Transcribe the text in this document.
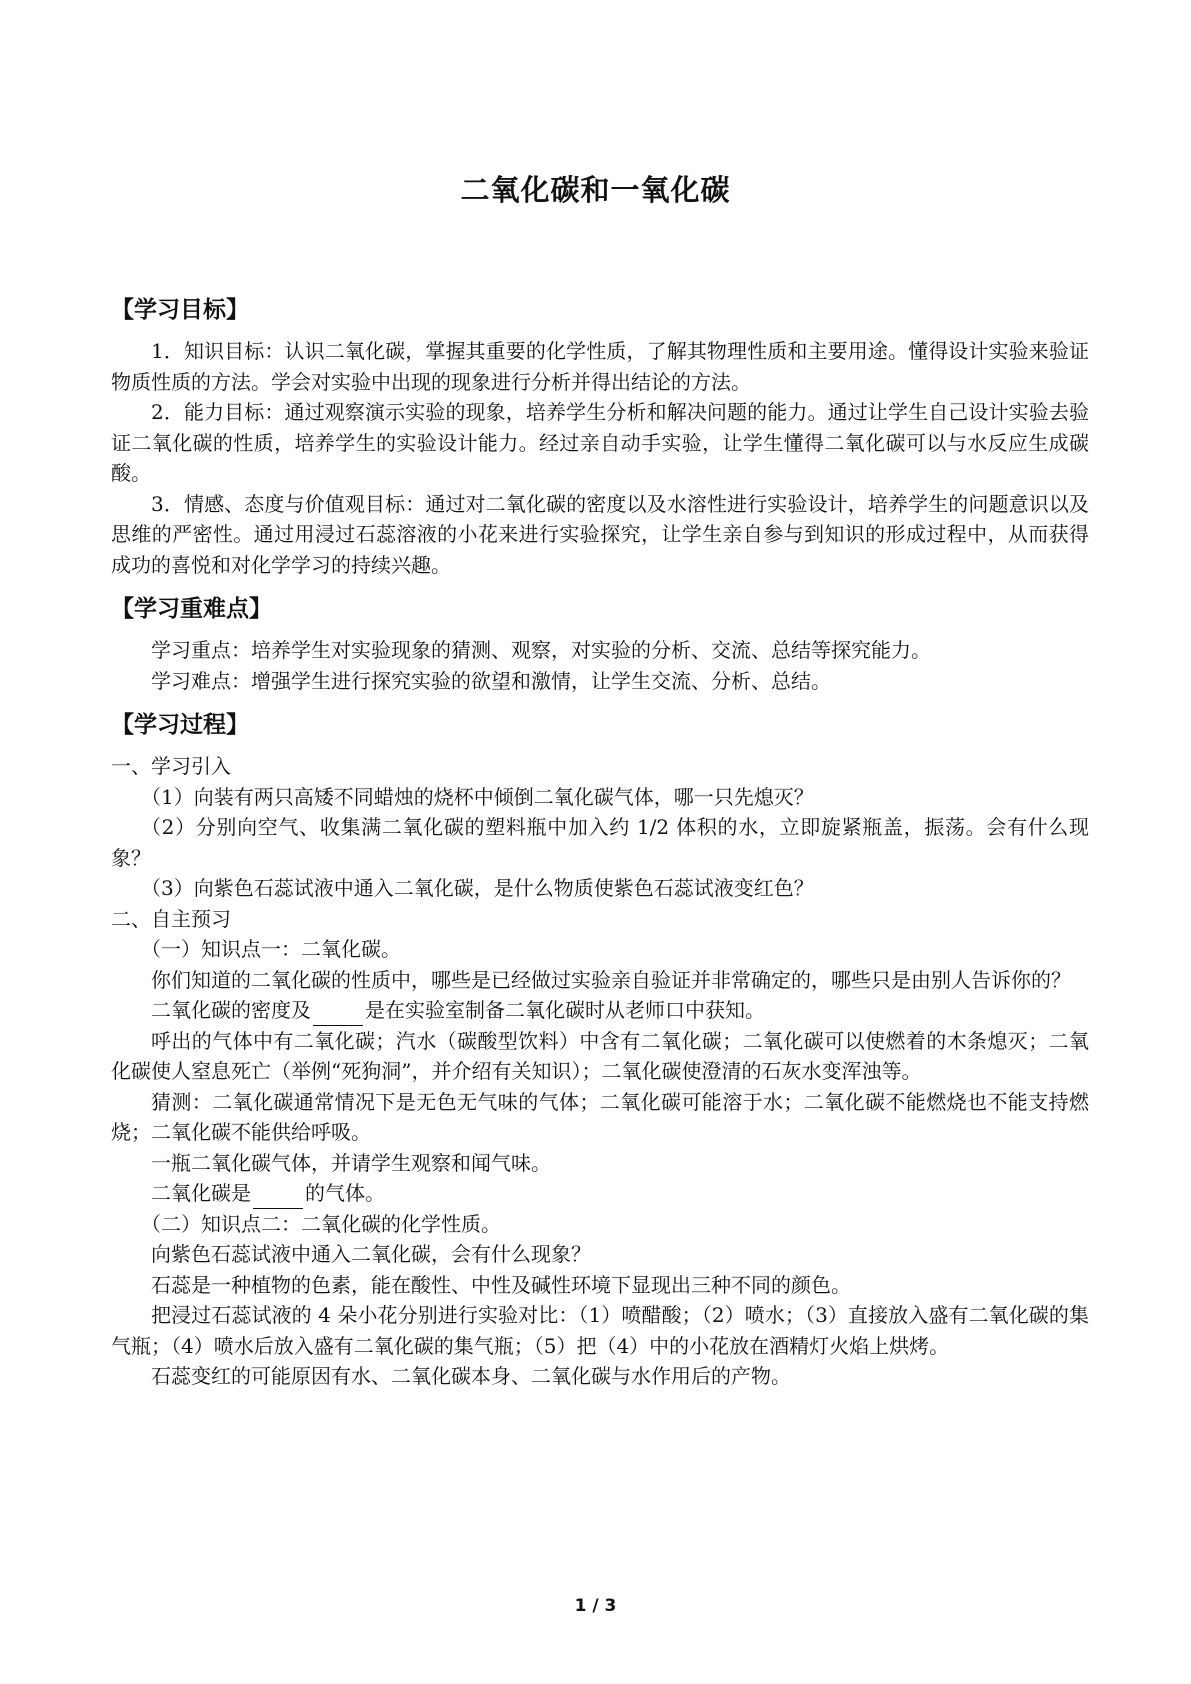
二氧化碳和一氧化碳
【学习目标】

1．知识目标：认识二氧化碳，掌握其重要的化学性质，了解其物理性质和主要用途。懂得设计实验来验证物质性质的方法。学会对实验中出现的现象进行分析并得出结论的方法。

2．能力目标：通过观察演示实验的现象，培养学生分析和解决问题的能力。通过让学生自己设计实验去验证二氧化碳的性质，培养学生的实验设计能力。经过亲自动手实验，让学生懂得二氧化碳可以与水反应生成碳酸。

3．情感、态度与价值观目标：通过对二氧化碳的密度以及水溶性进行实验设计，培养学生的问题意识以及思维的严密性。通过用浸过石蕊溶液的小花来进行实验探究，让学生亲自参与到知识的形成过程中，从而获得成功的喜悦和对化学学习的持续兴趣。

【学习重难点】

学习重点：培养学生对实验现象的猜测、观察，对实验的分析、交流、总结等探究能力。

学习难点：增强学生进行探究实验的欲望和激情，让学生交流、分析、总结。

【学习过程】

一、学习引入

（1）向装有两只高矮不同蜡烛的烧杯中倾倒二氧化碳气体，哪一只先熄灭？

（2）分别向空气、收集满二氧化碳的塑料瓶中加入约 1/2 体积的水，立即旋紧瓶盖，振荡。会有什么现象？

（3）向紫色石蕊试液中通入二氧化碳，是什么物质使紫色石蕊试液变红色？

二、自主预习

（一）知识点一：二氧化碳。

你们知道的二氧化碳的性质中，哪些是已经做过实验亲自验证并非常确定的，哪些只是由别人告诉你的？

二氧化碳的密度及	是在实验室制备二氧化碳时从老师口中获知。

呼出的气体中有二氧化碳；汽水（碳酸型饮料）中含有二氧化碳；二氧化碳可以使燃着的木条熄灭；二氧化碳使人窒息死亡（举例“死狗洞”，并介绍有关知识）；二氧化碳使澄清的石灰水变浑浊等。

猜测：二氧化碳通常情况下是无色无气味的气体；二氧化碳可能溶于水；二氧化碳不能燃烧也不能支持燃烧；二氧化碳不能供给呼吸。

一瓶二氧化碳气体，并请学生观察和闻气味。

二氧化碳是	的气体。

（二）知识点二：二氧化碳的化学性质。

向紫色石蕊试液中通入二氧化碳，会有什么现象？

石蕊是一种植物的色素，能在酸性、中性及碱性环境下显现出三种不同的颜色。

把浸过石蕊试液的 4 朵小花分别进行实验对比：（1）喷醋酸；（2）喷水；（3）直接放入盛有二氧化碳的集气瓶；（4）喷水后放入盛有二氧化碳的集气瓶；（5）把（4）中的小花放在酒精灯火焰上烘烤。

石蕊变红的可能原因有水、二氧化碳本身、二氧化碳与水作用后的产物。

1 / 3
